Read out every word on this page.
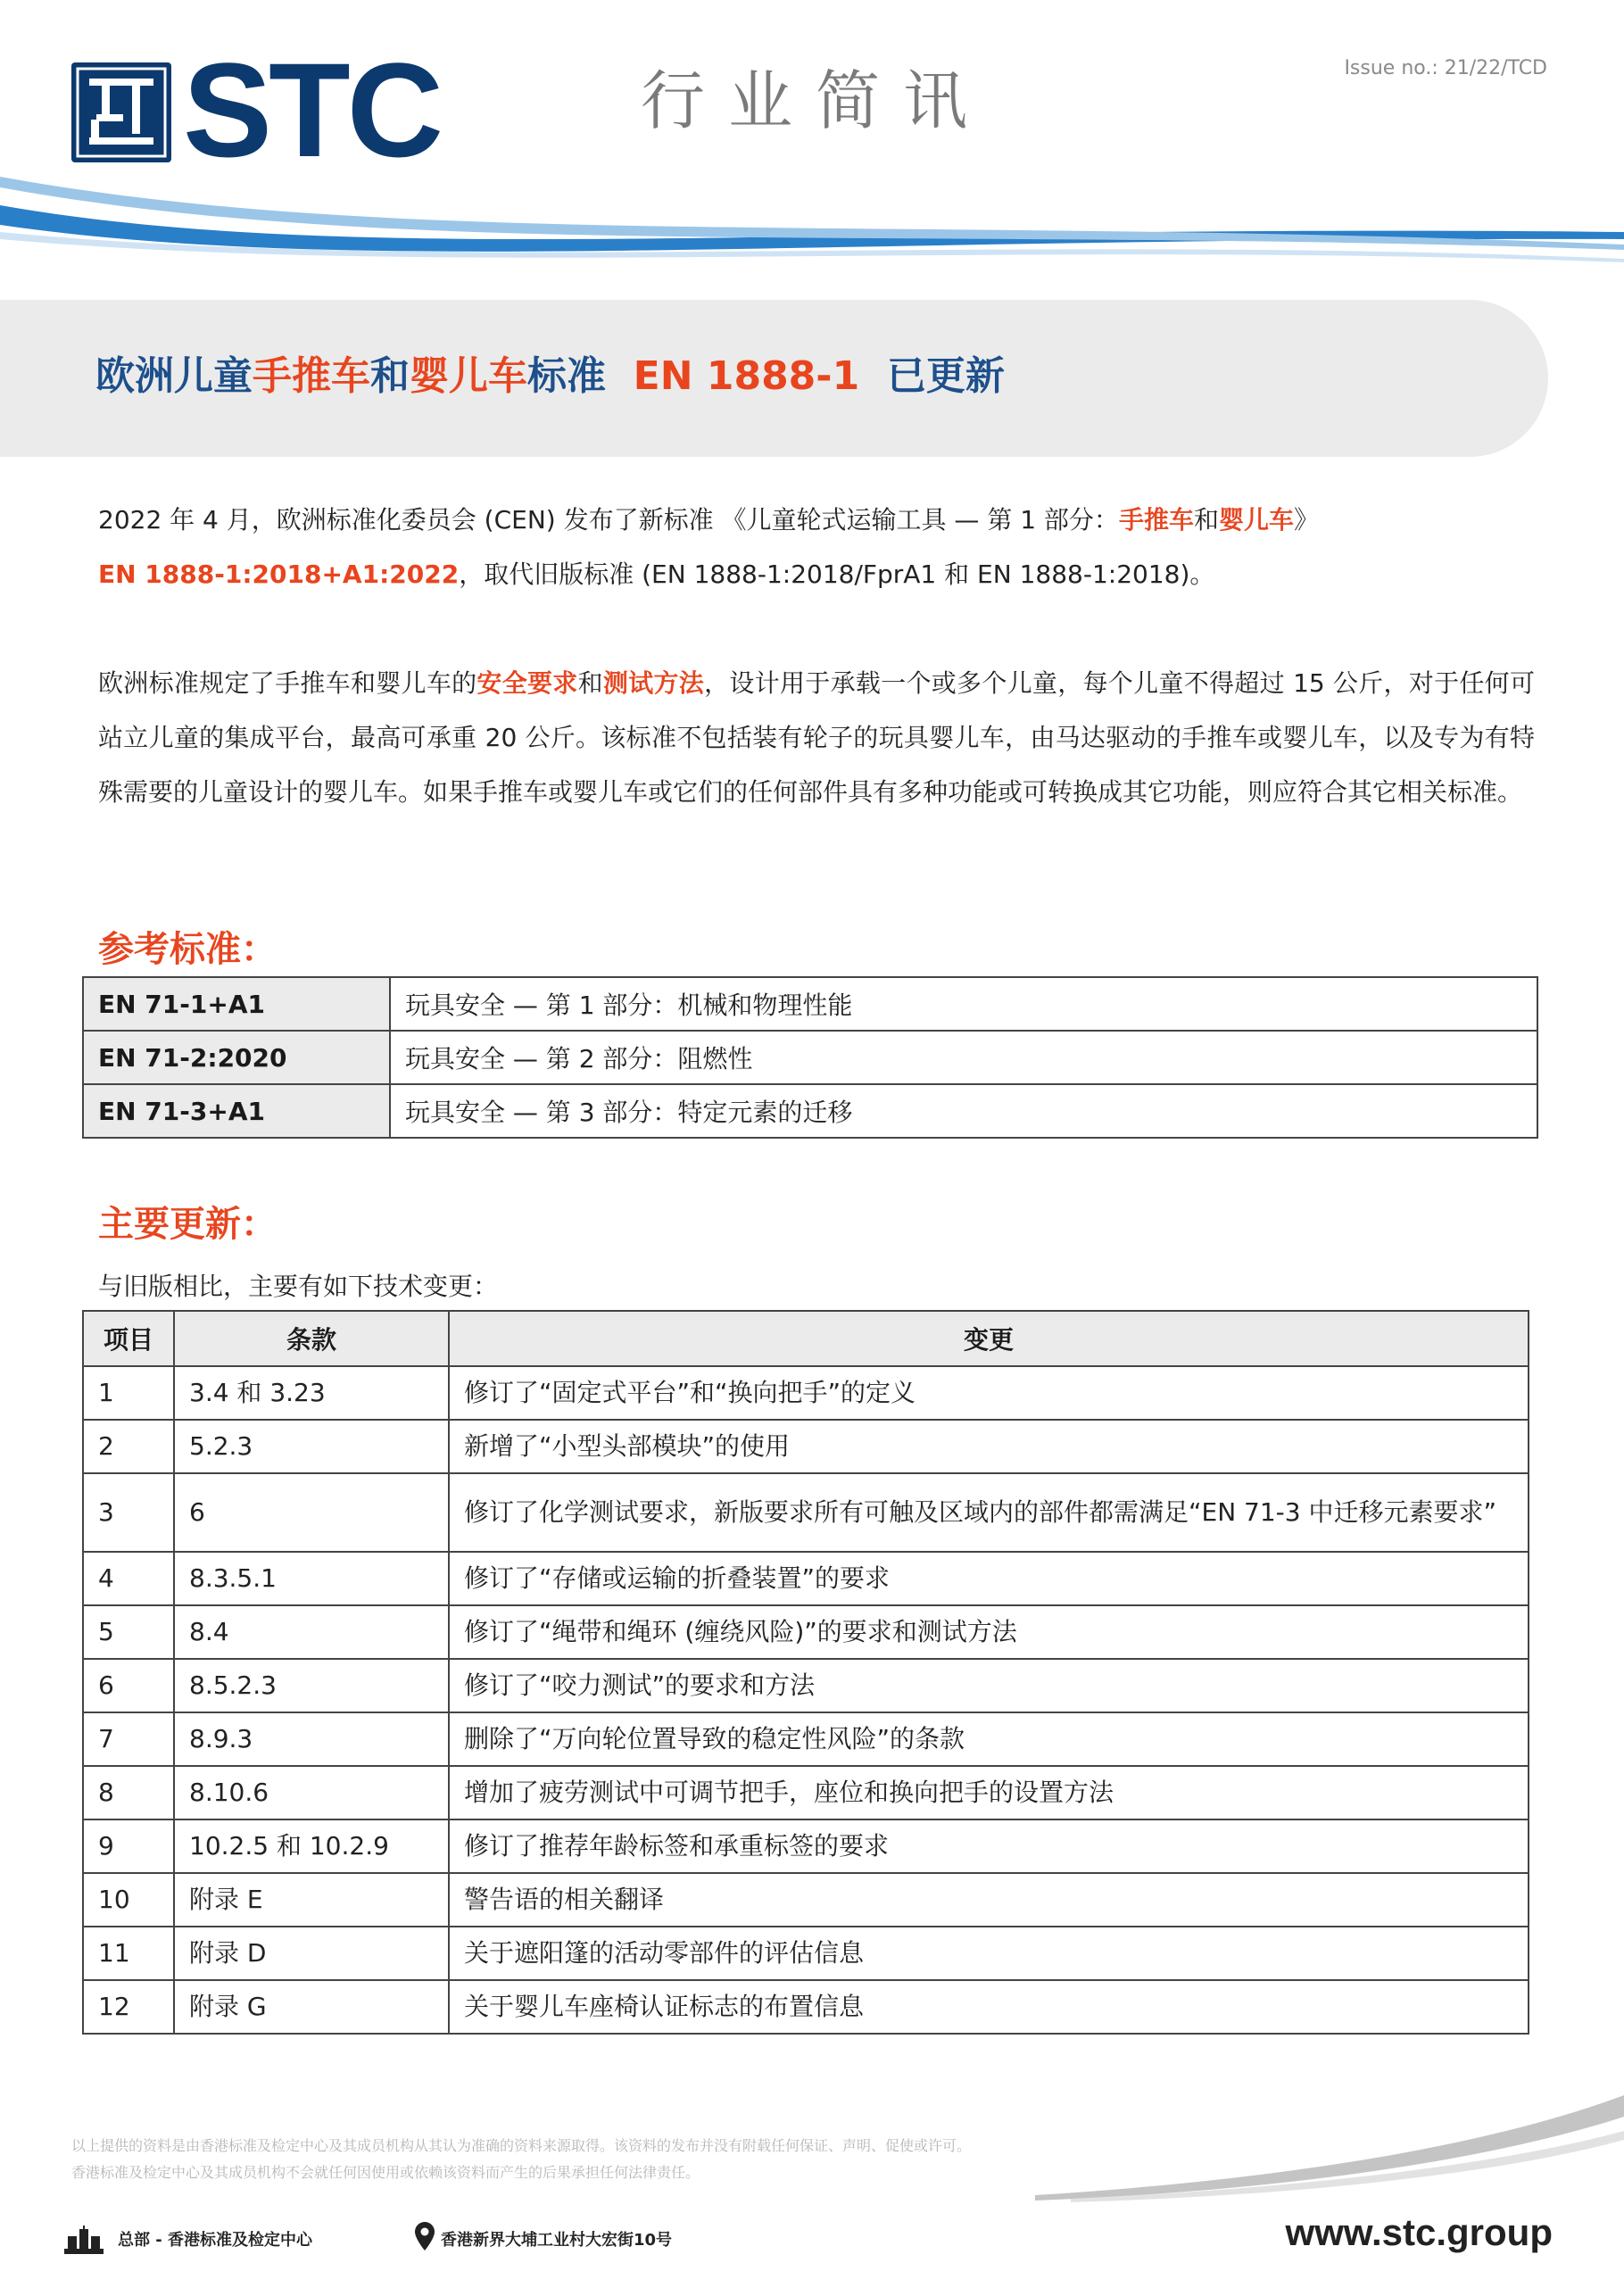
STC	行业简讯	Issue no.: 21/22/TCD

欧洲儿童手推车和婴儿车标准  EN 1888-1  已更新

2022 年 4 月，欧洲标准化委员会 (CEN) 发布了新标准 《儿童轮式运输工具 — 第 1 部分：手推车和婴儿车》
EN 1888-1:2018+A1:2022，取代旧版标准 (EN 1888-1:2018/FprA1 和 EN 1888-1:2018)。

欧洲标准规定了手推车和婴儿车的安全要求和测试方法，设计用于承载一个或多个儿童，每个儿童不得超过 15 公斤，对于任何可站立儿童的集成平台，最高可承重 20 公斤。该标准不包括装有轮子的玩具婴儿车，由马达驱动的手推车或婴儿车，以及专为有特殊需要的儿童设计的婴儿车。如果手推车或婴儿车或它们的任何部件具有多种功能或可转换成其它功能，则应符合其它相关标准。

参考标准：
EN 71-1+A1	玩具安全 — 第 1 部分：机械和物理性能
EN 71-2:2020	玩具安全 — 第 2 部分：阻燃性
EN 71-3+A1	玩具安全 — 第 3 部分：特定元素的迁移
主要更新：

与旧版相比，主要有如下技术变更：

项目	条款	变更
1	3.4 和 3.23	修订了“固定式平台”和“换向把手”的定义
2	5.2.3	新增了“小型头部模块”的使用
3	6	修订了化学测试要求，新版要求所有可触及区域内的部件都需满足“EN 71-3 中迁移元素要求”
4	8.3.5.1	修订了“存储或运输的折叠装置”的要求
5	8.4	修订了“绳带和绳环 (缠绕风险)”的要求和测试方法
6	8.5.2.3	修订了“咬力测试”的要求和方法
7	8.9.3	删除了“万向轮位置导致的稳定性风险”的条款
8	8.10.6	增加了疲劳测试中可调节把手，座位和换向把手的设置方法
9	10.2.5 和 10.2.9	修订了推荐年龄标签和承重标签的要求
10	附录 E	警告语的相关翻译
11	附录 D	关于遮阳篷的活动零部件的评估信息
12	附录 G	关于婴儿车座椅认证标志的布置信息

以上提供的资料是由香港标准及检定中心及其成员机构从其认为准确的资料来源取得。该资料的发布并没有附载任何保证、声明、促使或许可。

香港标准及检定中心及其成员机构不会就任何因使用或依赖该资料而产生的后果承担任何法律责任。

总部 - 香港标准及检定中心	香港新界大埔工业村大宏街10号	www.stc.group
